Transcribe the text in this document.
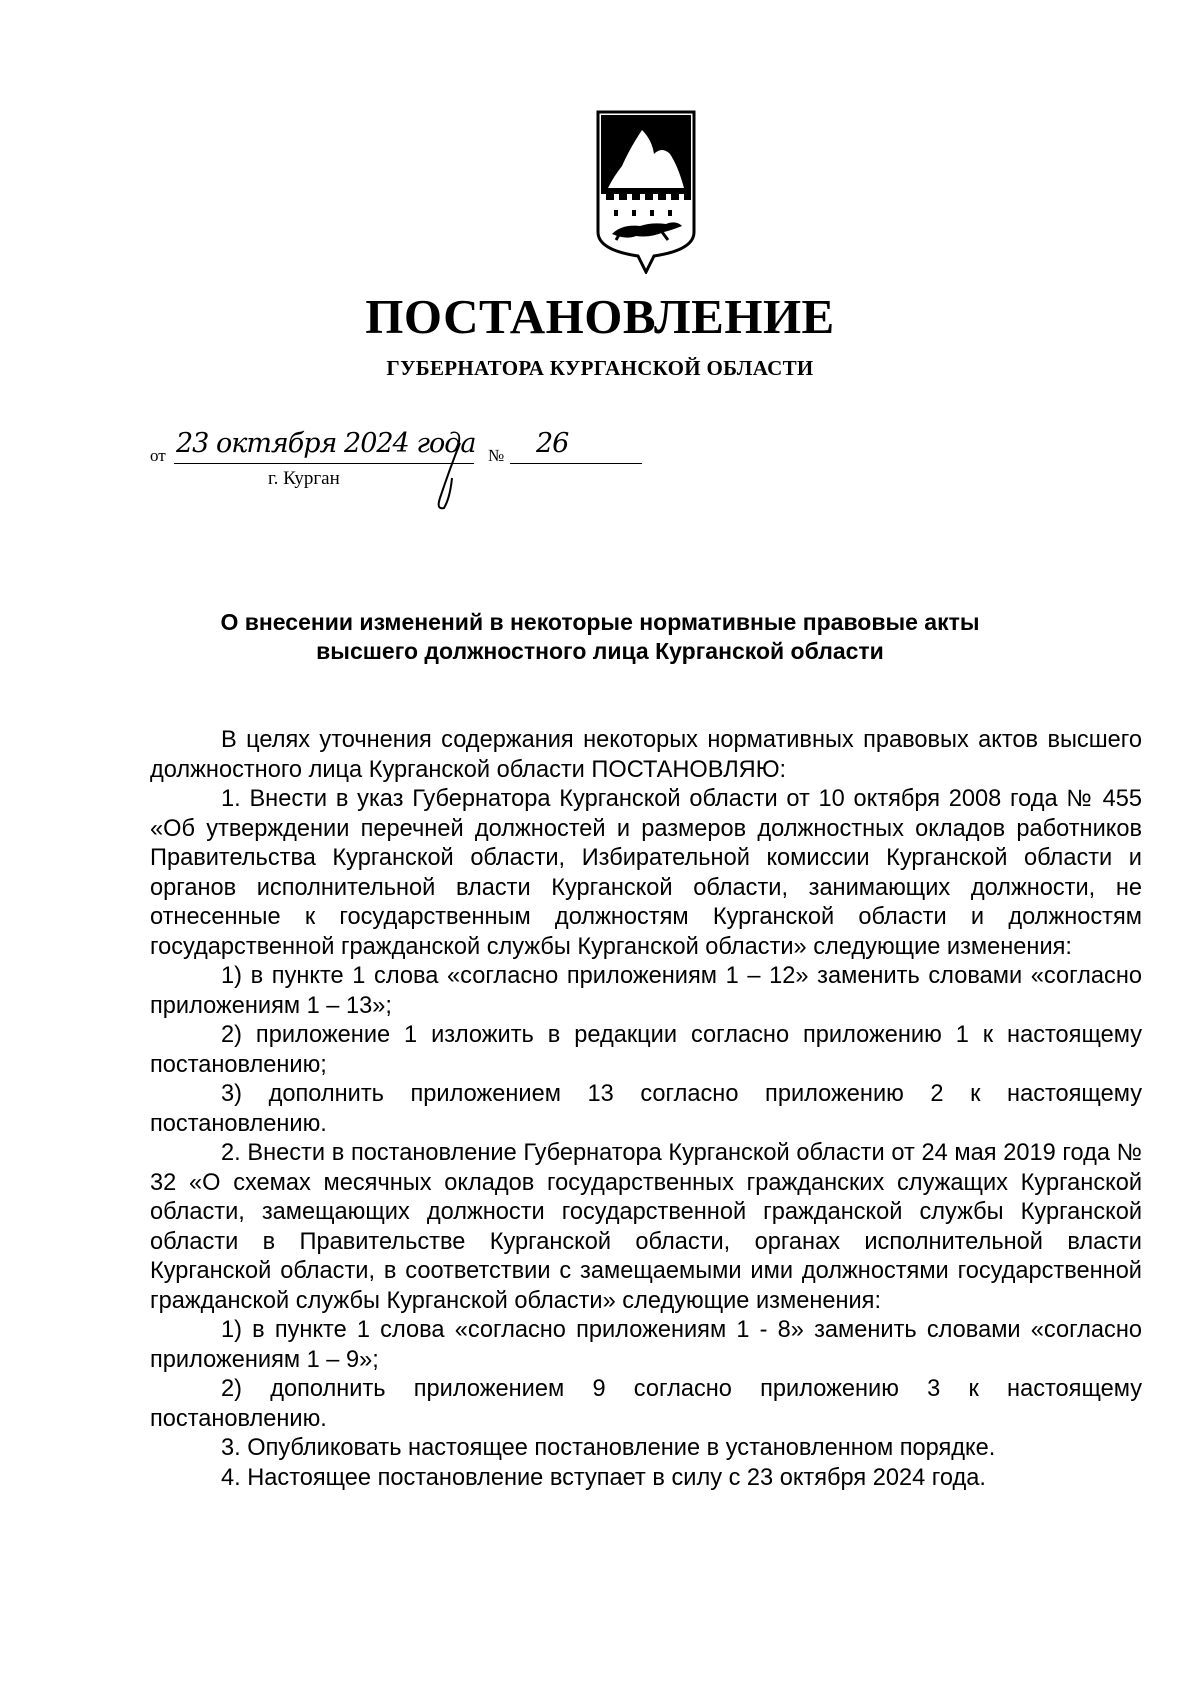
ПОСТАНОВЛЕНИЕ
ГУБЕРНАТОРА КУРГАНСКОЙ ОБЛАСТИ
от 23 октября 2024 года № 26
г. Курган
О внесении изменений в некоторые нормативные правовые акты
высшего должностного лица Курганской области

В целях уточнения содержания некоторых нормативных правовых актов высшего должностного лица Курганской области ПОСТАНОВЛЯЮ:

1. Внести в указ Губернатора Курганской области от 10 октября 2008 года № 455 «Об утверждении перечней должностей и размеров должностных окладов работников Правительства Курганской области, Избирательной комиссии Курганской области и органов исполнительной власти Курганской области, занимающих должности, не отнесенные к государственным должностям Курганской области и должностям государственной гражданской службы Курганской области» следующие изменения:

1) в пункте 1 слова «согласно приложениям 1 – 12» заменить словами «согласно приложениям 1 – 13»;

2) приложение 1 изложить в редакции согласно приложению 1 к настоящему постановлению;

3) дополнить приложением 13 согласно приложению 2 к настоящему постановлению.

2. Внести в постановление Губернатора Курганской области от 24 мая 2019 года № 32 «О схемах месячных окладов государственных гражданских служащих Курганской области, замещающих должности государственной гражданской службы Курганской области в Правительстве Курганской области, органах исполнительной власти Курганской области, в соответствии с замещаемыми ими должностями государственной гражданской службы Курганской области» следующие изменения:

1) в пункте 1 слова «согласно приложениям 1 - 8» заменить словами «согласно приложениям 1 – 9»;

2) дополнить приложением 9 согласно приложению 3 к настоящему постановлению.

3. Опубликовать настоящее постановление в установленном порядке.

4. Настоящее постановление вступает в силу с 23 октября 2024 года.
